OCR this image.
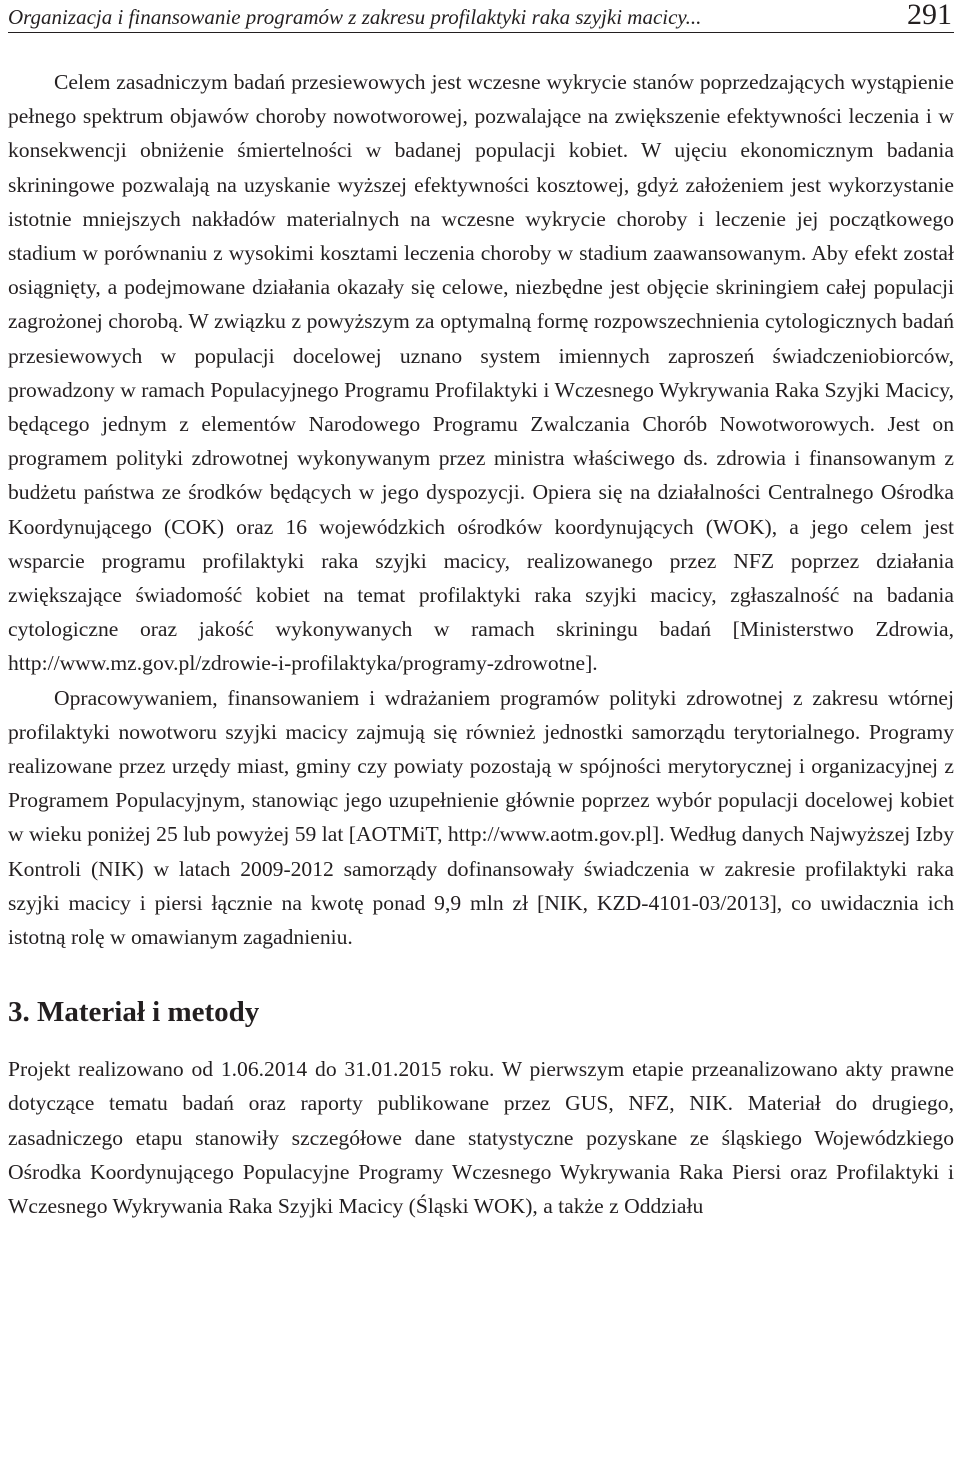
Organizacja i finansowanie programów z zakresu profilaktyki raka szyjki macicy...	291

Celem zasadniczym badań przesiewowych jest wczesne wykrycie stanów poprzedzających wystąpienie pełnego spektrum objawów choroby nowotworowej, pozwalające na zwiększenie efektywności leczenia i w konsekwencji obniżenie śmiertelności w badanej populacji kobiet. W ujęciu ekonomicznym badania skriningowe pozwalają na uzyskanie wyższej efektywności kosztowej, gdyż założeniem jest wykorzystanie istotnie mniejszych nakładów materialnych na wczesne wykrycie choroby i leczenie jej początkowego stadium w porównaniu z wysokimi kosztami leczenia choroby w stadium zaawansowanym. Aby efekt został osiągnięty, a podejmowane działania okazały się celowe, niezbędne jest objęcie skriningiem całej populacji zagrożonej chorobą. W związku z powyższym za optymalną formę rozpowszechnienia cytologicznych badań przesiewowych w populacji docelowej uznano system imiennych zaproszeń świadczeniobiorców, prowadzony w ramach Populacyjnego Programu Profilaktyki i Wczesnego Wykrywania Raka Szyjki Macicy, będącego jednym z elementów Narodowego Programu Zwalczania Chorób Nowotworowych. Jest on programem polityki zdrowotnej wykonywanym przez ministra właściwego ds. zdrowia i finansowanym z budżetu państwa ze środków będących w jego dyspozycji. Opiera się na działalności Centralnego Ośrodka Koordynującego (COK) oraz 16 wojewódzkich ośrodków koordynujących (WOK), a jego celem jest wsparcie programu profilaktyki raka szyjki macicy, realizowanego przez NFZ poprzez działania zwiększające świadomość kobiet na temat profilaktyki raka szyjki macicy, zgłaszalność na badania cytologiczne oraz jakość wykonywanych w ramach skriningu badań [Ministerstwo Zdrowia, http://www.mz.gov.pl/zdrowie-i-profilaktyka/programy-zdrowotne].

Opracowywaniem, finansowaniem i wdrażaniem programów polityki zdrowotnej z zakresu wtórnej profilaktyki nowotworu szyjki macicy zajmują się również jednostki samorządu terytorialnego. Programy realizowane przez urzędy miast, gminy czy powiaty pozostają w spójności merytorycznej i organizacyjnej z Programem Populacyjnym, stanowiąc jego uzupełnienie głównie poprzez wybór populacji docelowej kobiet w wieku poniżej 25 lub powyżej 59 lat [AOTMiT, http://www.aotm.gov.pl]. Według danych Najwyższej Izby Kontroli (NIK) w latach 2009-2012 samorządy dofinansowały świadczenia w zakresie profilaktyki raka szyjki macicy i piersi łącznie na kwotę ponad 9,9 mln zł [NIK, KZD-4101-03/2013], co uwidacznia ich istotną rolę w omawianym zagadnieniu.

3. Materiał i metody

Projekt realizowano od 1.06.2014 do 31.01.2015 roku. W pierwszym etapie przeanalizowano akty prawne dotyczące tematu badań oraz raporty publikowane przez GUS, NFZ, NIK. Materiał do drugiego, zasadniczego etapu stanowiły szczegółowe dane statystyczne pozyskane ze śląskiego Wojewódzkiego Ośrodka Koordynującego Populacyjne Programy Wczesnego Wykrywania Raka Piersi oraz Profilaktyki i Wczesnego Wykrywania Raka Szyjki Macicy (Śląski WOK), a także z Oddziału
